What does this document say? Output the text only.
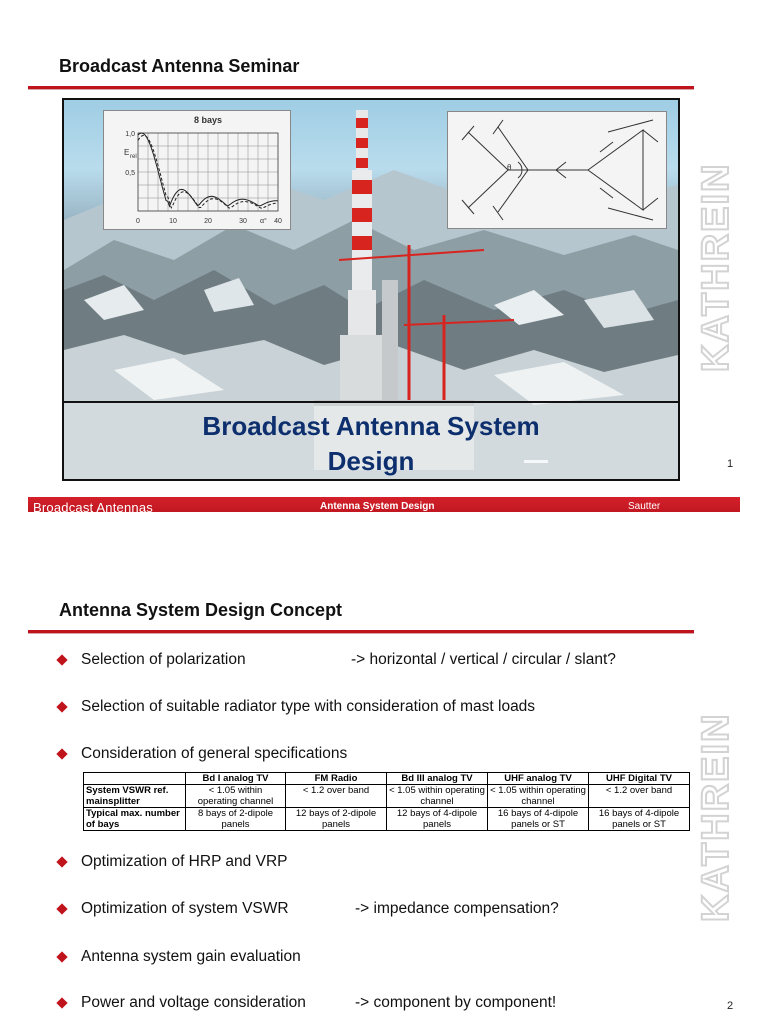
Broadcast Antenna Seminar
8 bays
E rel
1,0
0,5
0	10	20	30	40
α°
θ
Broadcast Antenna System
Design
KATHREIN
1
Broadcast Antennas	Antenna System Design	Sautter
Antenna System Design Concept
Selection of polarization	-> horizontal / vertical / circular / slant?
Selection of suitable radiator type with consideration of mast loads
Consideration of general specifications
	Bd I analog TV	FM Radio	Bd III analog TV	UHF analog TV	UHF Digital TV
System VSWR ref. mainsplitter	< 1.05 within operating channel	< 1.2 over band	< 1.05 within operating channel	< 1.05 within operating channel	< 1.2 over band
Typical max. number of bays	8 bays of 2-dipole panels	12 bays of 2-dipole panels	12 bays of 4-dipole panels	16 bays of 4-dipole panels or ST	16 bays of 4-dipole panels or ST
Optimization of HRP and VRP
Optimization of system VSWR	-> impedance compensation?
Antenna system gain evaluation
Power and voltage consideration	-> component by component!
KATHREIN
2
